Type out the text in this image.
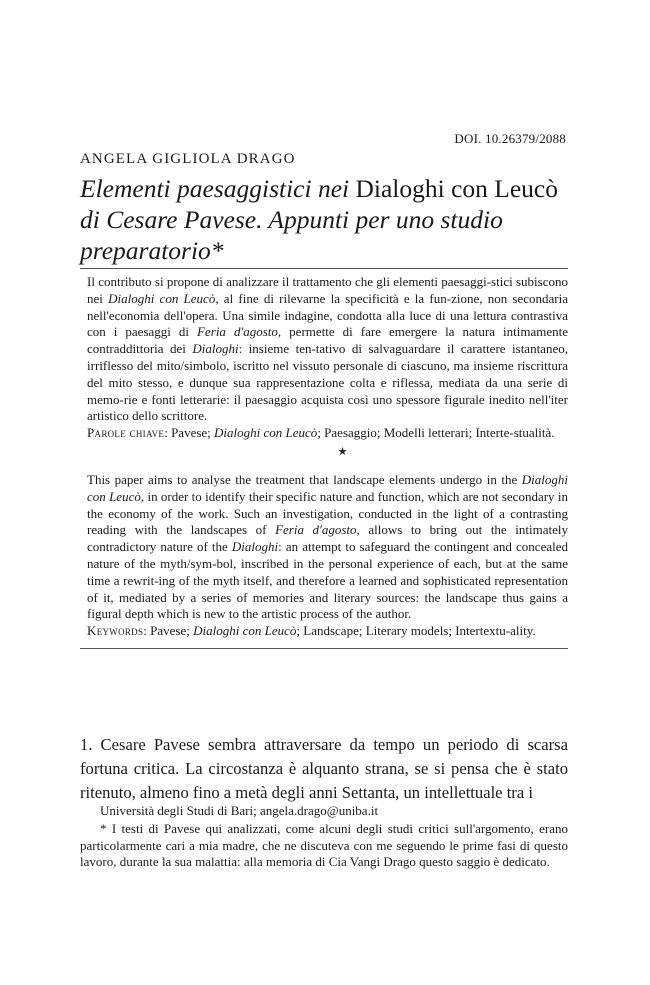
DOI. 10.26379/2088
ANGELA GIGLIOLA DRAGO
Elementi paesaggistici nei Dialoghi con Leucò di Cesare Pavese. Appunti per uno studio preparatorio*

Il contributo si propone di analizzare il trattamento che gli elementi paesaggi-stici subiscono nei Dialoghi con Leucò, al fine di rilevarne la specificità e la fun-zione, non secondaria nell'economia dell'opera. Una simile indagine, condotta alla luce di una lettura contrastiva con i paesaggi di Feria d'agosto, permette di fare emergere la natura intimamente contraddittoria dei Dialoghi: insieme ten-tativo di salvaguardare il carattere istantaneo, irriflesso del mito/simbolo, iscritto nel vissuto personale di ciascuno, ma insieme riscrittura del mito stesso, e dunque sua rappresentazione colta e riflessa, mediata da una serie di memo-rie e fonti letterarie: il paesaggio acquista così uno spessore figurale inedito nell'iter artistico dello scrittore.

Parole chiave: Pavese; Dialoghi con Leucò; Paesaggio; Modelli letterari; Interte-stualità.

★

This paper aims to analyse the treatment that landscape elements undergo in the Dialoghi con Leucò, in order to identify their specific nature and function, which are not secondary in the economy of the work. Such an investigation, conducted in the light of a contrasting reading with the landscapes of Feria d'agosto, allows to bring out the intimately contradictory nature of the Dialoghi: an attempt to safeguard the contingent and concealed nature of the myth/sym-bol, inscribed in the personal experience of each, but at the same time a rewrit-ing of the myth itself, and therefore a learned and sophisticated representation of it, mediated by a series of memories and literary sources: the landscape thus gains a figural depth which is new to the artistic process of the author.

Keywords: Pavese; Dialoghi con Leucò; Landscape; Literary models; Intertextu-ality.

1. Cesare Pavese sembra attraversare da tempo un periodo di scarsa fortuna critica. La circostanza è alquanto strana, se si pensa che è stato ritenuto, almeno fino a metà degli anni Settanta, un intellettuale tra i

Università degli Studi di Bari; angela.drago@uniba.it

* I testi di Pavese qui analizzati, come alcuni degli studi critici sull'argomento, erano particolarmente cari a mia madre, che ne discuteva con me seguendo le prime fasi di questo lavoro, durante la sua malattia: alla memoria di Cia Vangi Drago questo saggio è dedicato.
